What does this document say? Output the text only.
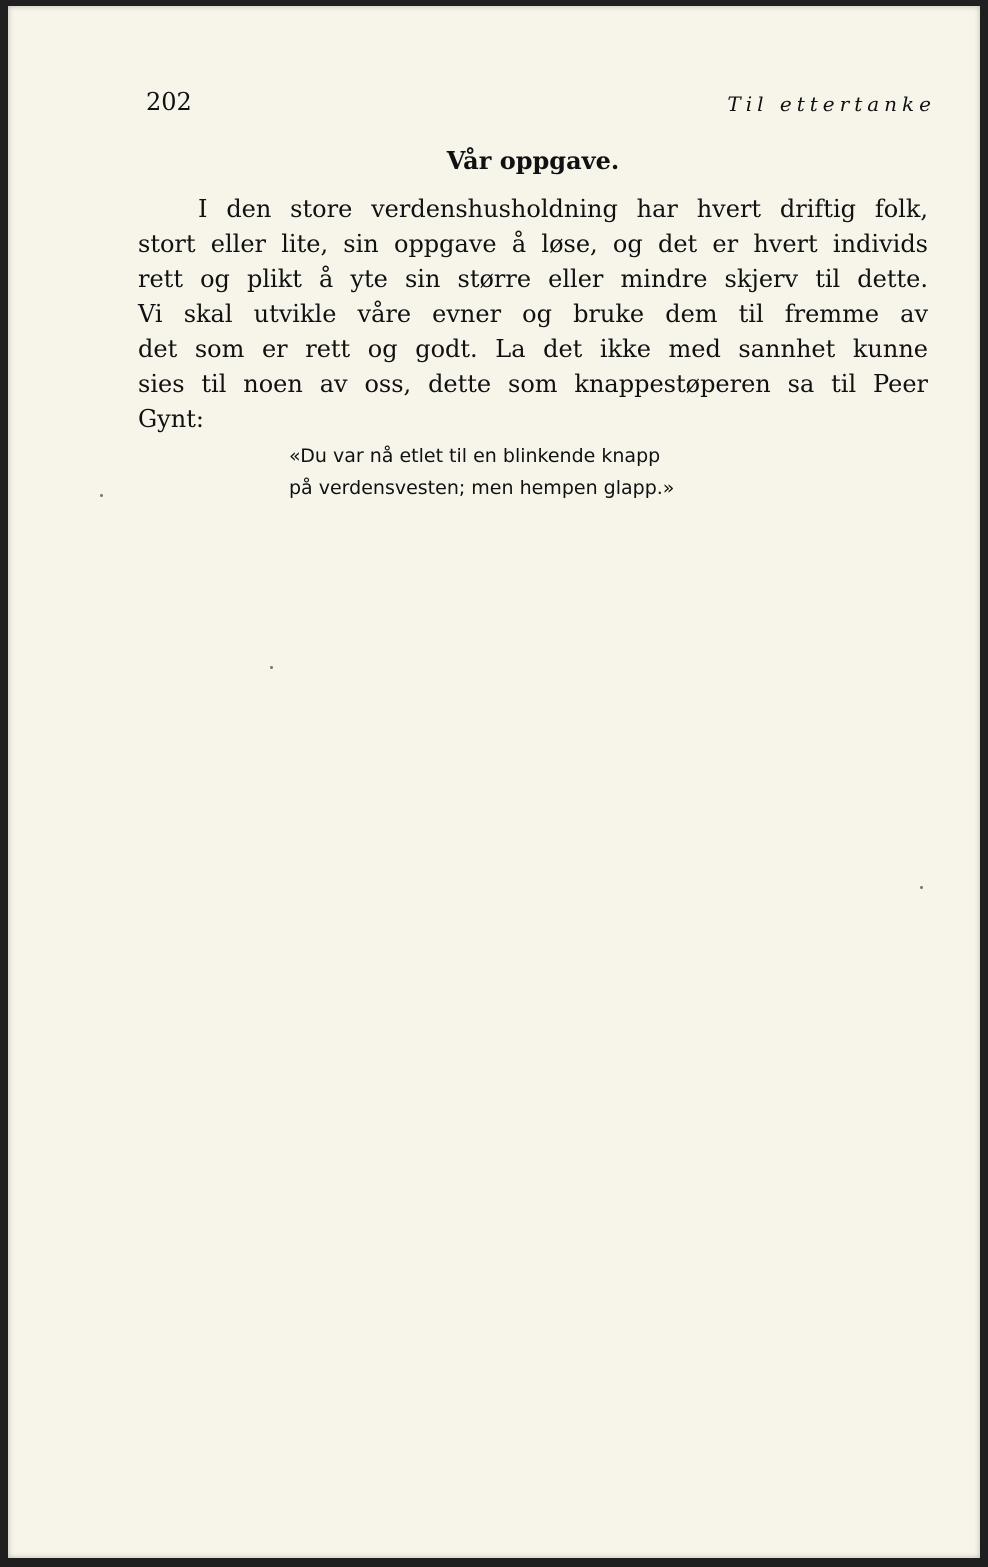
202	Til ettertanke
Vår oppgave.

I den store verdenshusholdning har hvert driftig folk,
stort eller lite, sin oppgave å løse, og det er hvert individs
rett og plikt å yte sin større eller mindre skjerv til dette.
Vi skal utvikle våre evner og bruke dem til fremme av
det som er rett og godt. La det ikke med sannhet kunne
sies til noen av oss, dette som knappestøperen sa til Peer
Gynt:

«Du var nå etlet til en blinkende knapp
på verdensvesten; men hempen glapp.»
